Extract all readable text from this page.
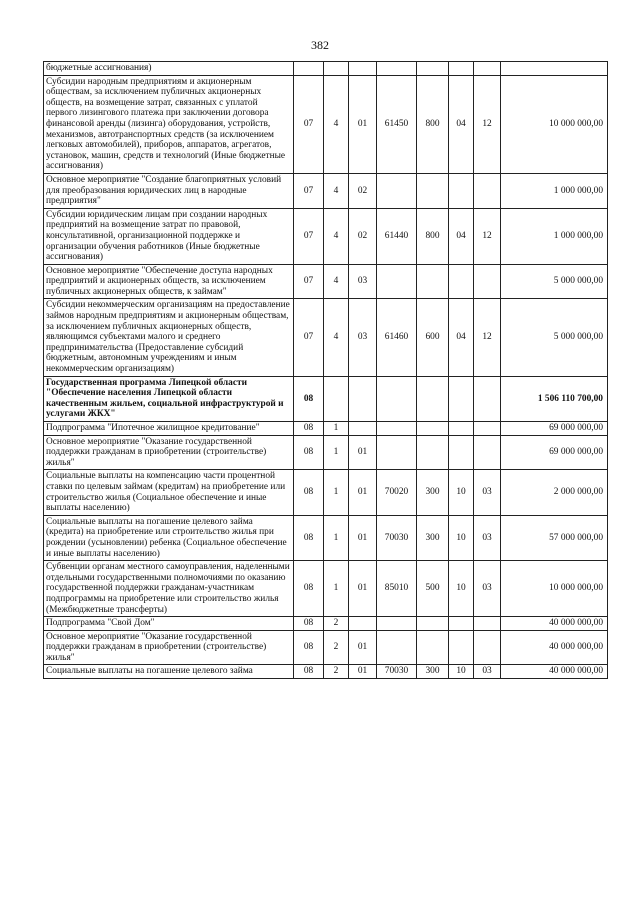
382
бюджетные ассигнования)								
Субсидии народным предприятиям и акционерным обществам, за исключением публичных акционерных обществ, на возмещение затрат, связанных с уплатой первого лизингового платежа при заключении договора финансовой аренды (лизинга) оборудования, устройств, механизмов, автотранспортных средств (за исключением легковых автомобилей), приборов, аппаратов, агрегатов, установок, машин, средств и технологий (Иные бюджетные ассигнования)	07	4	01	61450	800	04	12	10 000 000,00
Основное мероприятие "Создание благоприятных условий для преобразования юридических лиц в народные предприятия"	07	4	02					1 000 000,00
Субсидии юридическим лицам при создании народных предприятий на возмещение затрат по правовой, консультативной, организационной поддержке и организации обучения работников (Иные бюджетные ассигнования)	07	4	02	61440	800	04	12	1 000 000,00
Основное мероприятие "Обеспечение доступа народных предприятий и акционерных обществ, за исключением публичных акционерных обществ, к займам"	07	4	03					5 000 000,00
Субсидии некоммерческим организациям на предоставление займов народным предприятиям и акционерным обществам, за исключением публичных акционерных обществ, являющимся субъектами малого и среднего предпринимательства (Предоставление субсидий бюджетным, автономным учреждениям и иным некоммерческим организациям)	07	4	03	61460	600	04	12	5 000 000,00
Государственная программа Липецкой области "Обеспечение населения Липецкой области качественным жильем, социальной инфраструктурой и услугами ЖКХ"	08							1 506 110 700,00
Подпрограмма "Ипотечное жилищное кредитование"	08	1						69 000 000,00
Основное мероприятие "Оказание государственной поддержки гражданам в приобретении (строительстве) жилья"	08	1	01					69 000 000,00
Социальные выплаты на компенсацию части процентной ставки по целевым займам (кредитам) на приобретение или строительство жилья (Социальное обеспечение и иные выплаты населению)	08	1	01	70020	300	10	03	2 000 000,00
Социальные выплаты на погашение целевого займа (кредита) на приобретение или строительство жилья при рождении (усыновлении) ребенка (Социальное обеспечение и иные выплаты населению)	08	1	01	70030	300	10	03	57 000 000,00
Субвенции органам местного самоуправления, наделенными отдельными государственными полномочиями по оказанию государственной поддержки гражданам-участникам подпрограммы на приобретение или строительство жилья (Межбюджетные трансферты)	08	1	01	85010	500	10	03	10 000 000,00
Подпрограмма "Свой Дом"	08	2						40 000 000,00
Основное мероприятие "Оказание государственной поддержки гражданам в приобретении (строительстве) жилья"	08	2	01					40 000 000,00
Социальные выплаты на погашение целевого займа	08	2	01	70030	300	10	03	40 000 000,00
